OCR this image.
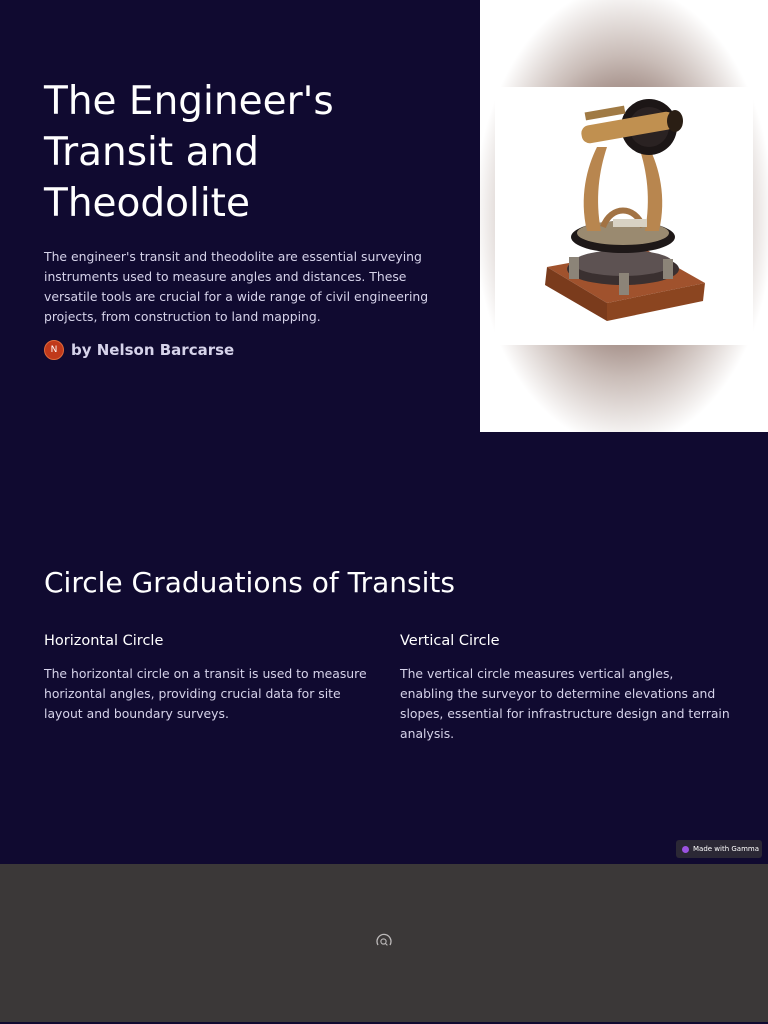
The Engineer's Transit and Theodolite

The engineer's transit and theodolite are essential surveying instruments used to measure angles and distances. These versatile tools are crucial for a wide range of civil engineering projects, from construction to land mapping.

N by Nelson Barcarse
Circle Graduations of Transits
Horizontal Circle

The horizontal circle on a transit is used to measure horizontal angles, providing crucial data for site layout and boundary surveys.

Vertical Circle

The vertical circle measures vertical angles, enabling the surveyor to determine elevations and slopes, essential for infrastructure design and terrain analysis.

Made with Gamma
